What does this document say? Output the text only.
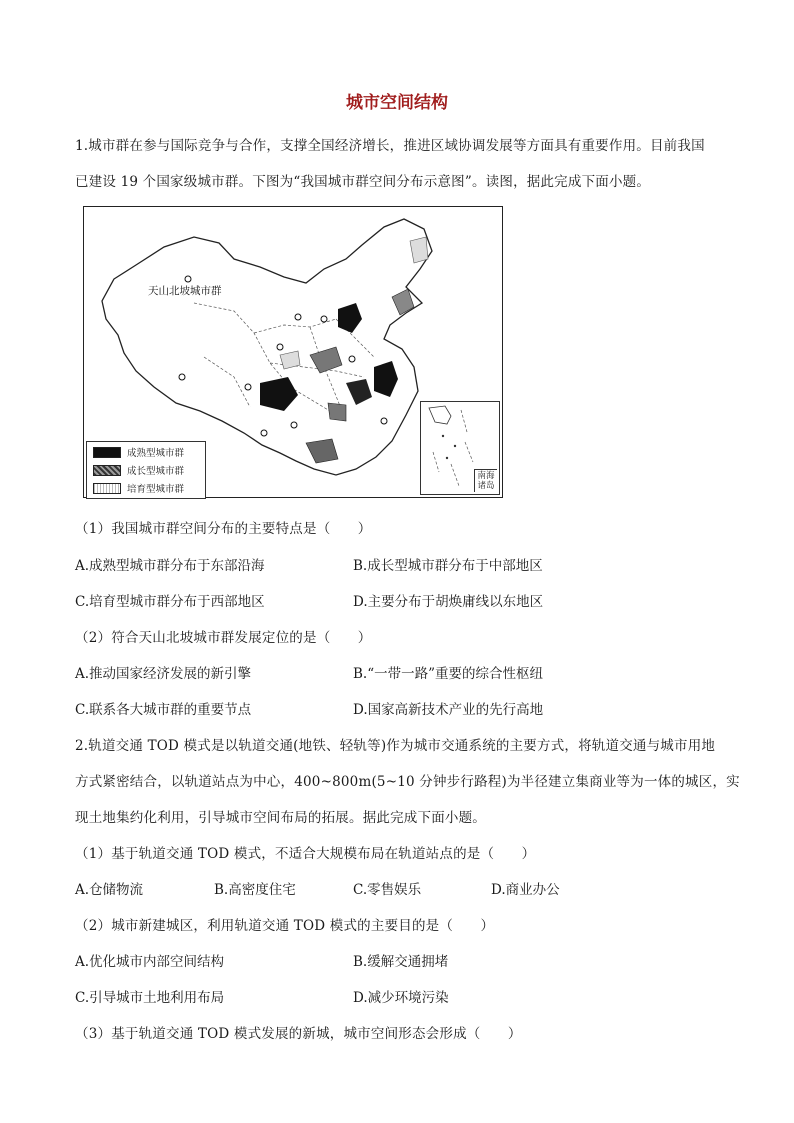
城市空间结构
1.城市群在参与国际竞争与合作，支撑全国经济增长，推进区域协调发展等方面具有重要作用。目前我国
已建设 19 个国家级城市群。下图为“我国城市群空间分布示意图”。读图，据此完成下面小题。
天山北坡城市群
成熟型城市群
成长型城市群
培育型城市群
南海诸岛
（1）我国城市群空间分布的主要特点是（　　）
A.成熟型城市群分布于东部沿海	B.成长型城市群分布于中部地区
C.培育型城市群分布于西部地区	D.主要分布于胡焕庸线以东地区
（2）符合天山北坡城市群发展定位的是（　　）
A.推动国家经济发展的新引擎	B.“一带一路”重要的综合性枢纽
C.联系各大城市群的重要节点	D.国家高新技术产业的先行高地
2.轨道交通 TOD 模式是以轨道交通(地铁、轻轨等)作为城市交通系统的主要方式，将轨道交通与城市用地
方式紧密结合，以轨道站点为中心，400~800m(5~10 分钟步行路程)为半径建立集商业等为一体的城区，实
现土地集约化利用，引导城市空间布局的拓展。据此完成下面小题。
（1）基于轨道交通 TOD 模式，不适合大规模布局在轨道站点的是（　　）
A.仓储物流	B.高密度住宅	C.零售娱乐	D.商业办公
（2）城市新建城区，利用轨道交通 TOD 模式的主要目的是（　　）
A.优化城市内部空间结构	B.缓解交通拥堵
C.引导城市土地利用布局	D.减少环境污染
（3）基于轨道交通 TOD 模式发展的新城，城市空间形态会形成（　　）
